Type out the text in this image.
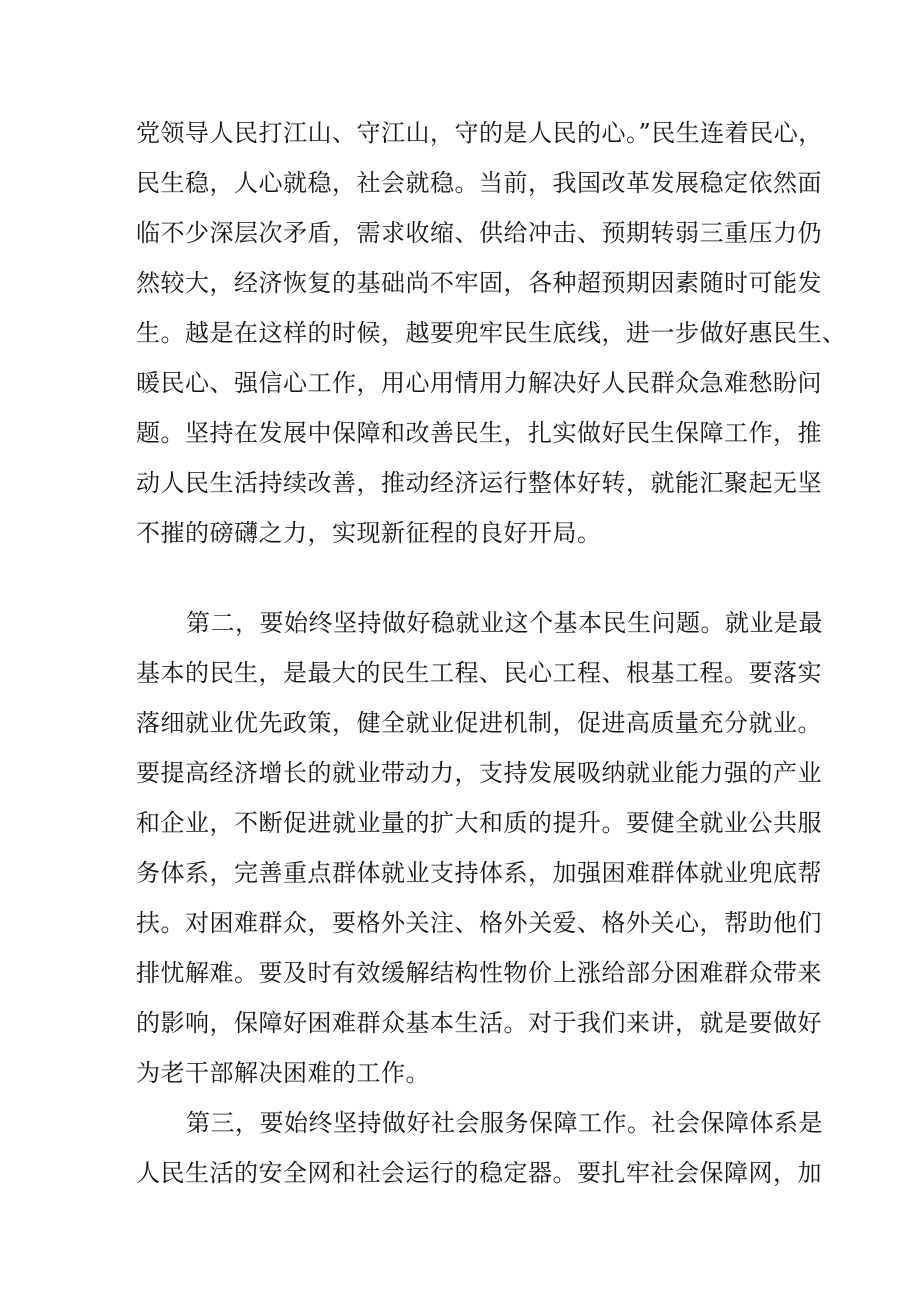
党领导人民打江山、守江山，守的是人民的心。”民生连着民心，
民生稳，人心就稳，社会就稳。当前，我国改革发展稳定依然面
临不少深层次矛盾，需求收缩、供给冲击、预期转弱三重压力仍
然较大，经济恢复的基础尚不牢固，各种超预期因素随时可能发
生。越是在这样的时候，越要兜牢民生底线，进一步做好惠民生、
暖民心、强信心工作，用心用情用力解决好人民群众急难愁盼问
题。坚持在发展中保障和改善民生，扎实做好民生保障工作，推
动人民生活持续改善，推动经济运行整体好转，就能汇聚起无坚
不摧的磅礴之力，实现新征程的良好开局。
第二，要始终坚持做好稳就业这个基本民生问题。就业是最
基本的民生，是最大的民生工程、民心工程、根基工程。要落实
落细就业优先政策，健全就业促进机制，促进高质量充分就业。
要提高经济增长的就业带动力，支持发展吸纳就业能力强的产业
和企业，不断促进就业量的扩大和质的提升。要健全就业公共服
务体系，完善重点群体就业支持体系，加强困难群体就业兜底帮
扶。对困难群众，要格外关注、格外关爱、格外关心，帮助他们
排忧解难。要及时有效缓解结构性物价上涨给部分困难群众带来
的影响，保障好困难群众基本生活。对于我们来讲，就是要做好
为老干部解决困难的工作。
第三，要始终坚持做好社会服务保障工作。社会保障体系是
人民生活的安全网和社会运行的稳定器。要扎牢社会保障网，加
